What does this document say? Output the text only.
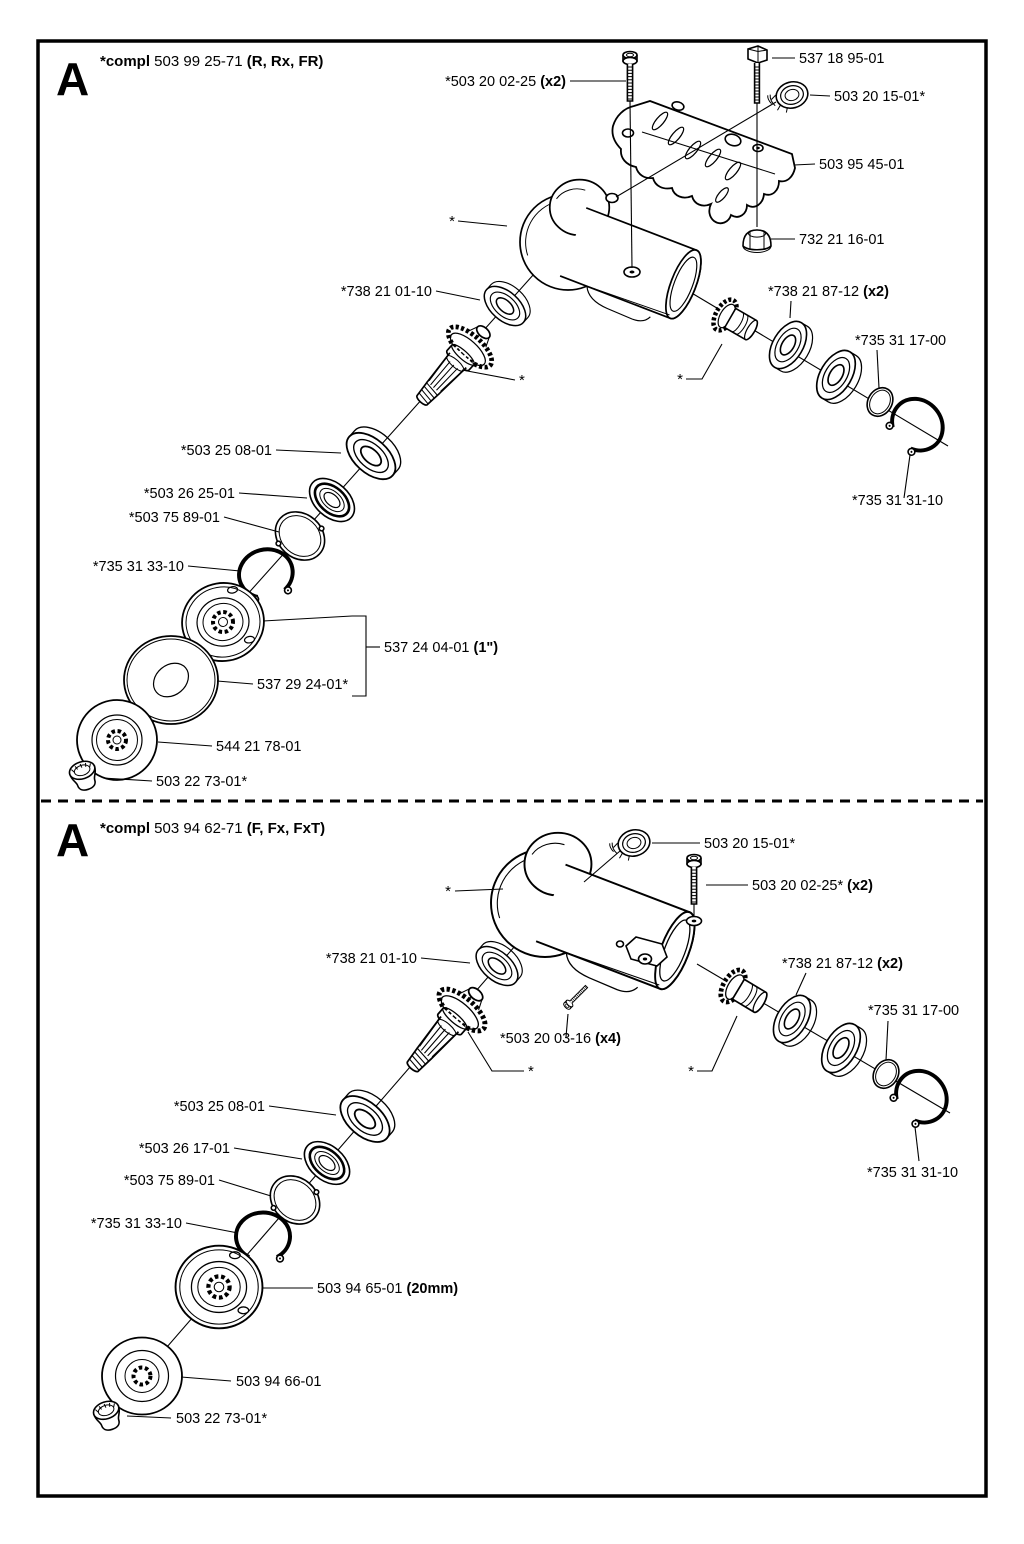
A *compl 503 99 25-71 (R, Rx, FR)
*503 20 02-25 (x2)
537 18 95-01
503 20 15-01*
503 95 45-01
732 21 16-01
*738 21 01-10	*738 21 87-12 (x2)
*735 31 17-00
*735 31 31-10
*503 25 08-01
*503 26 25-01
*503 75 89-01
*735 31 33-10
537 24 04-01 (1")
537 29 24-01*
544 21 78-01
503 22 73-01*
*
*	*
A *compl 503 94 62-71 (F, Fx, FxT)
503 20 15-01*
503 20 02-25* (x2)
*738 21 01-10
*503 20 03-16 (x4)
*738 21 87-12 (x2)
*735 31 17-00
*735 31 31-10
*503 25 08-01
*503 26 17-01
*503 75 89-01
*735 31 33-10
503 94 65-01 (20mm)
503 94 66-01
503 22 73-01*
*
*	*
